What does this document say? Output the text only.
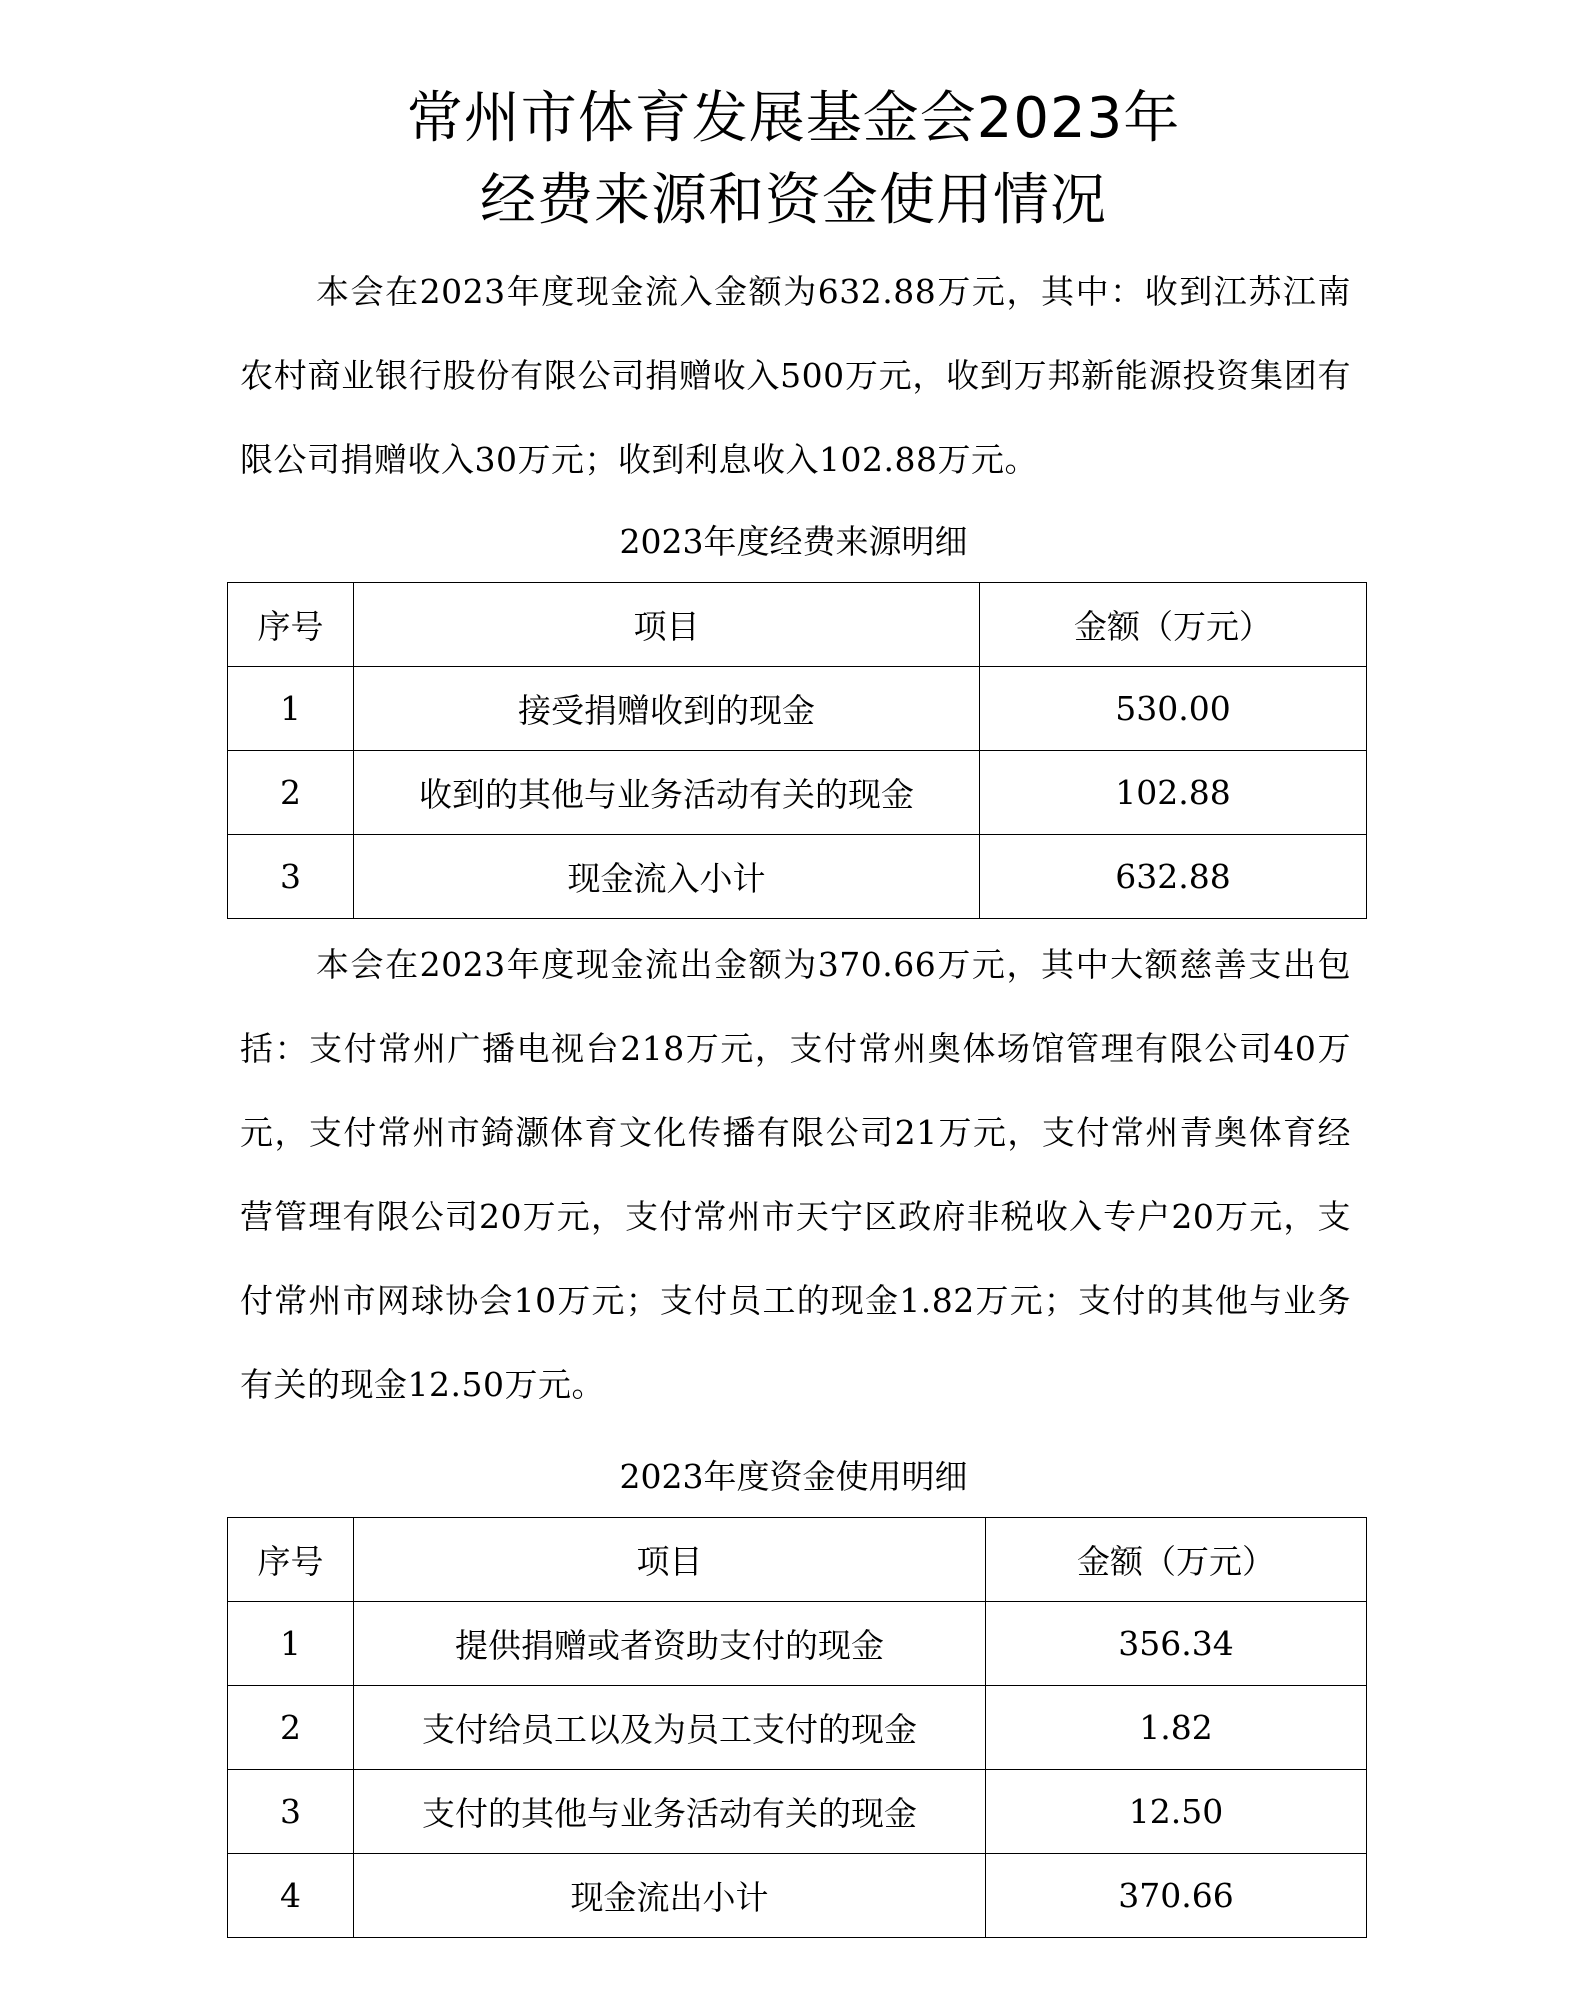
常州市体育发展基金会2023年
经费来源和资金使用情况

本会在2023年度现金流入金额为632.88万元，其中：收到江苏江南农村商业银行股份有限公司捐赠收入500万元，收到万邦新能源投资集团有限公司捐赠收入30万元；收到利息收入102.88万元。

2023年度经费来源明细
序号	项目	金额（万元）
1	接受捐赠收到的现金	530.00
2	收到的其他与业务活动有关的现金	102.88
3	现金流入小计	632.88

本会在2023年度现金流出金额为370.66万元，其中大额慈善支出包括：支付常州广播电视台218万元，支付常州奥体场馆管理有限公司40万元，支付常州市錡灏体育文化传播有限公司21万元，支付常州青奥体育经营管理有限公司20万元，支付常州市天宁区政府非税收入专户20万元，支付常州市网球协会10万元；支付员工的现金1.82万元；支付的其他与业务有关的现金12.50万元。

2023年度资金使用明细
序号	项目	金额（万元）
1	提供捐赠或者资助支付的现金	356.34
2	支付给员工以及为员工支付的现金	1.82
3	支付的其他与业务活动有关的现金	12.50
4	现金流出小计	370.66
